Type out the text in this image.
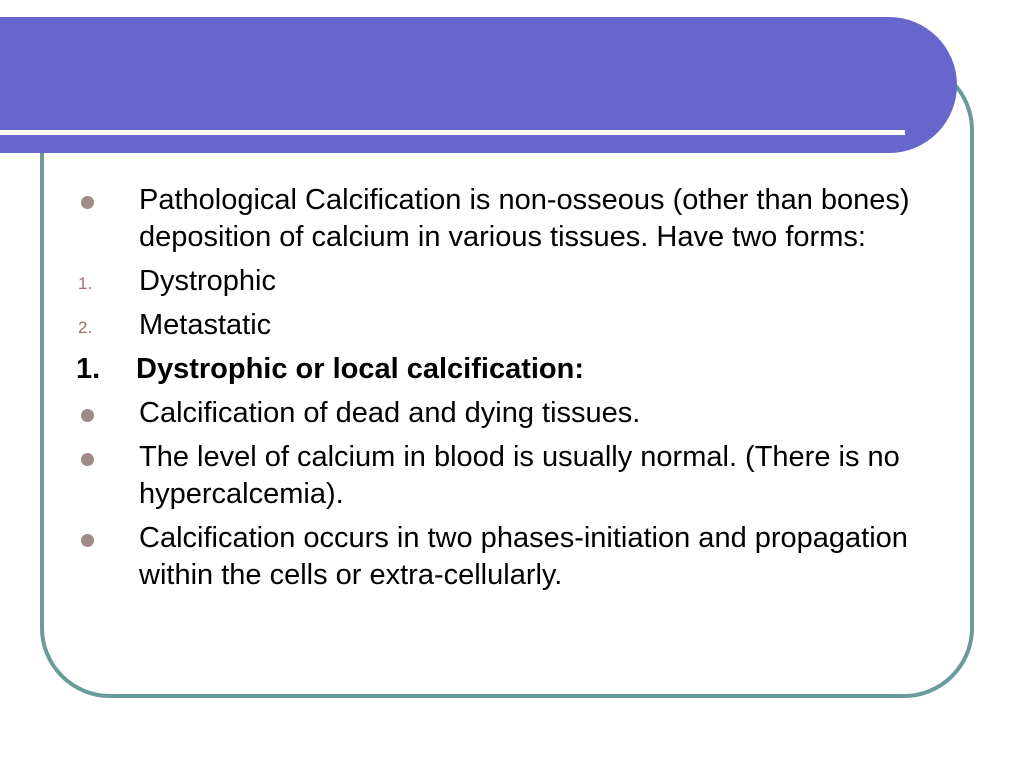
Pathological Calcification is non-osseous (other than bones) deposition of calcium in various tissues. Have two forms:
1. Dystrophic
2. Metastatic
1. Dystrophic or local calcification:
Calcification of dead and dying tissues.
The level of calcium in blood is usually normal. (There is no hypercalcemia).
Calcification occurs in two phases-initiation and propagation within the cells or extra-cellularly.
